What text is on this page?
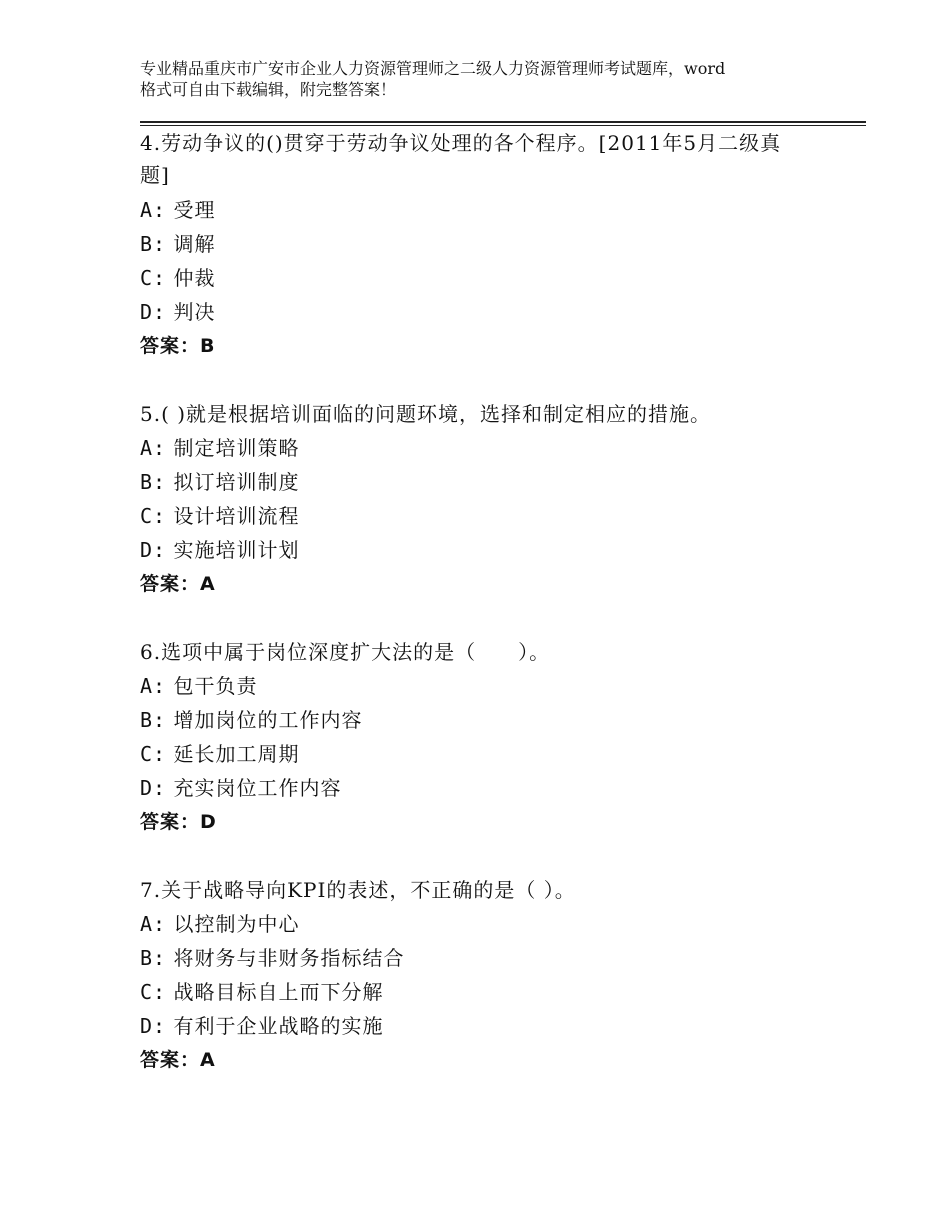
专业精品重庆市广安市企业人力资源管理师之二级人力资源管理师考试题库，word
格式可自由下载编辑，附完整答案！
4.劳动争议的()贯穿于劳动争议处理的各个程序。[2011年5月二级真
题]
A: 受理
B: 调解
C: 仲裁
D: 判决
答案：B
5.( )就是根据培训面临的问题环境，选择和制定相应的措施。
A: 制定培训策略
B: 拟订培训制度
C: 设计培训流程
D: 实施培训计划
答案：A
6.选项中属于岗位深度扩大法的是（　　）。
A: 包干负责
B: 增加岗位的工作内容
C: 延长加工周期
D: 充实岗位工作内容
答案：D
7.关于战略导向KPI的表述，不正确的是（ ）。
A: 以控制为中心
B: 将财务与非财务指标结合
C: 战略目标自上而下分解
D: 有利于企业战略的实施
答案：A
